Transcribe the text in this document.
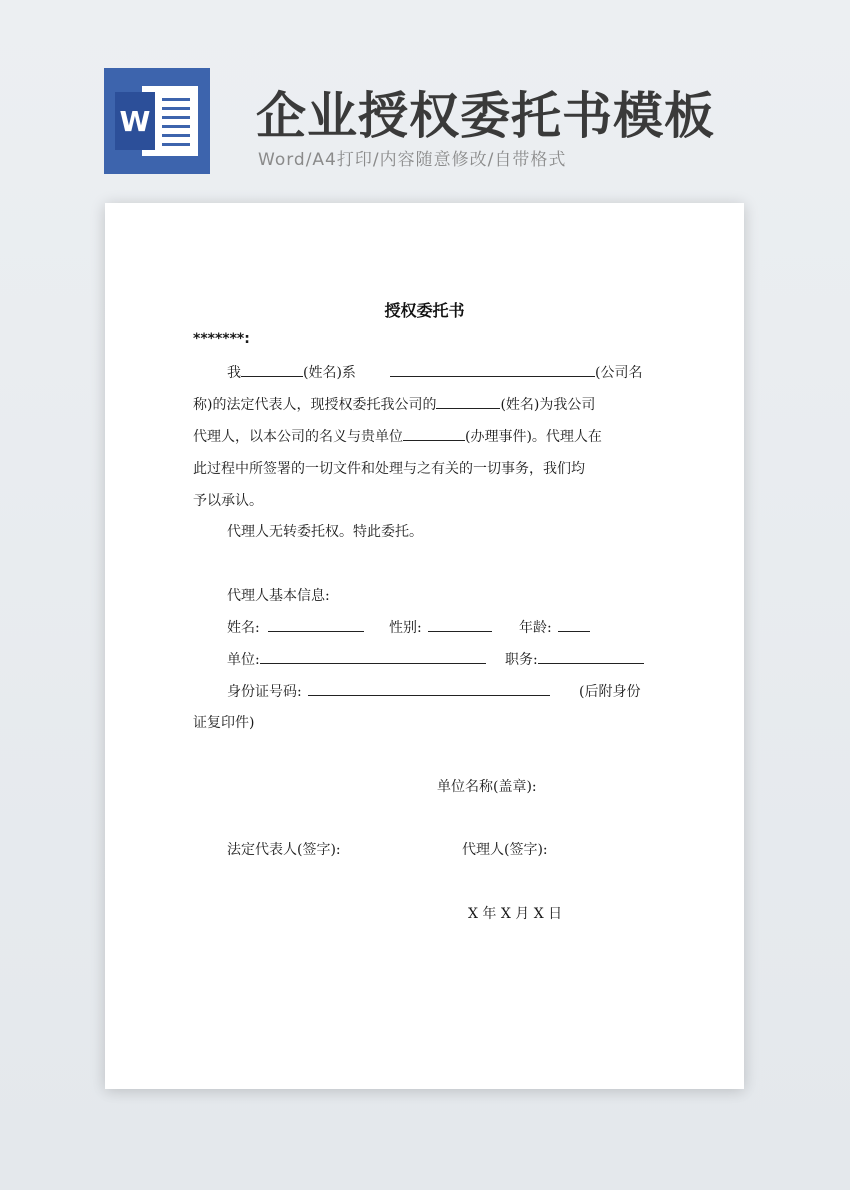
W 企业授权委托书模板
Word/A4打印/内容随意修改/自带格式
授权委托书
*******:
我	(姓名)系	(公司名
称)的法定代表人，现授权委托我公司的	(姓名)为我公司
代理人，以本公司的名义与贵单位	(办理事件)。代理人在
此过程中所签署的一切文件和处理与之有关的一切事务，我们均
予以承认。
代理人无转委托权。特此委托。
代理人基本信息:
姓名:	性别:	年龄:
单位:	职务:
身份证号码:	(后附身份
证复印件)
单位名称(盖章):
法定代表人(签字):	代理人(签字):
X 年 X 月 X 日
